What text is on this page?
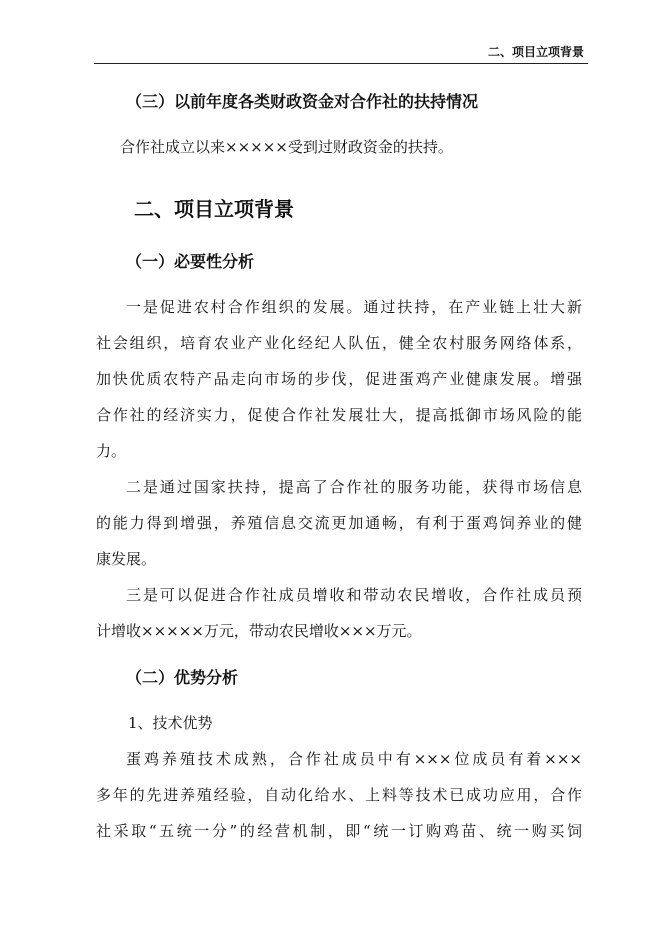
二、项目立项背景
（三）以前年度各类财政资金对合作社的扶持情况
合作社成立以来×××××受到过财政资金的扶持。
二、项目立项背景
（一）必要性分析
一是促进农村合作组织的发展。通过扶持，在产业链上壮大新
社会组织，培育农业产业化经纪人队伍，健全农村服务网络体系，
加快优质农特产品走向市场的步伐，促进蛋鸡产业健康发展。增强
合作社的经济实力，促使合作社发展壮大，提高抵御市场风险的能
力。
二是通过国家扶持，提高了合作社的服务功能，获得市场信息
的能力得到增强，养殖信息交流更加通畅，有利于蛋鸡饲养业的健
康发展。
三是可以促进合作社成员增收和带动农民增收，合作社成员预
计增收×××××万元，带动农民增收×××万元。
（二）优势分析
1、技术优势
蛋鸡养殖技术成熟，合作社成员中有×××位成员有着×××
多年的先进养殖经验，自动化给水、上料等技术已成功应用，合作
社采取“五统一分”的经营机制，即“统一订购鸡苗、统一购买饲
